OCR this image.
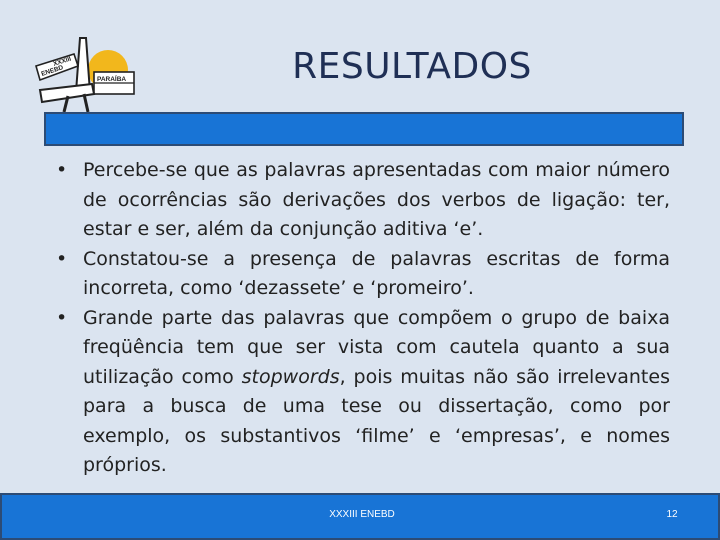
XXXIII
ENEBD
PARAÍBA	RESULTADOS
• Percebe-se que as palavras apresentadas com maior número de ocorrências são derivações dos verbos de ligação: ter, estar e ser, além da conjunção aditiva ‘e’.
• Constatou-se a presença de palavras escritas de forma incorreta, como ‘dezassete’ e ‘promeiro’.
• Grande parte das palavras que compõem o grupo de baixa freqüência tem que ser vista com cautela quanto a sua utilização como stopwords, pois muitas não são irrelevantes para a busca de uma tese ou dissertação, como por exemplo, os substantivos ‘filme’ e ‘empresas’, e nomes próprios.
XXXIII ENEBD	12
